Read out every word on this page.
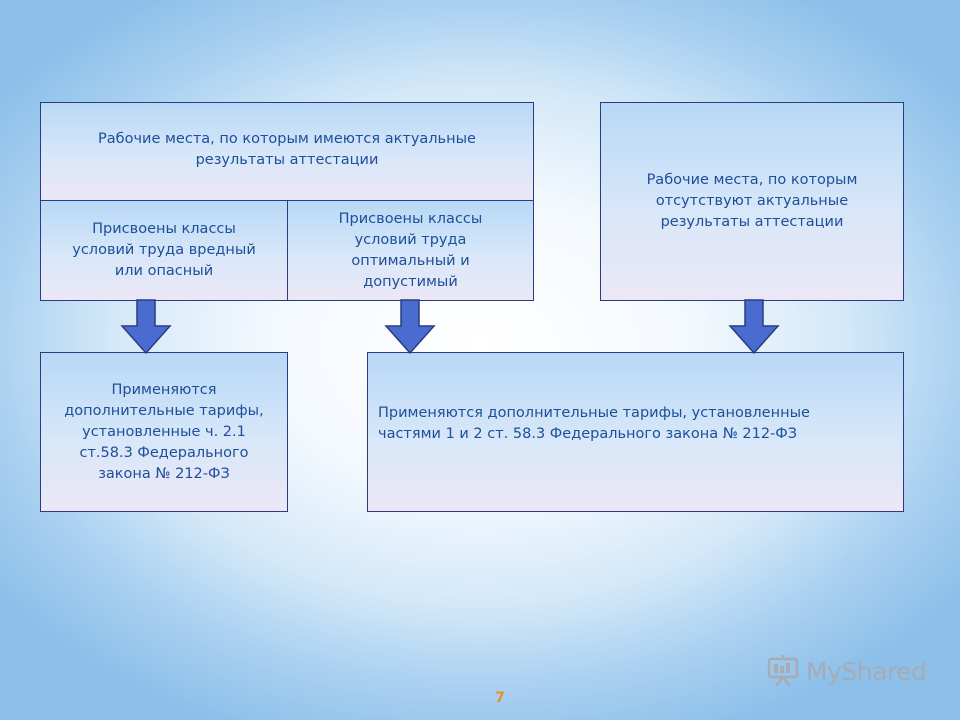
Рабочие места, по которым имеются актуальные
результаты аттестации
Присвоены классы
условий труда вредный
или опасный
Присвоены классы
условий труда
оптимальный и
допустимый
Рабочие места, по которым
отсутствуют актуальные
результаты аттестации
Применяются
дополнительные тарифы,
установленные ч. 2.1
ст.58.3 Федерального
закона № 212-ФЗ
Применяются дополнительные тарифы, установленные
частями 1 и 2 ст. 58.3 Федерального закона № 212-ФЗ
7
MyShared
